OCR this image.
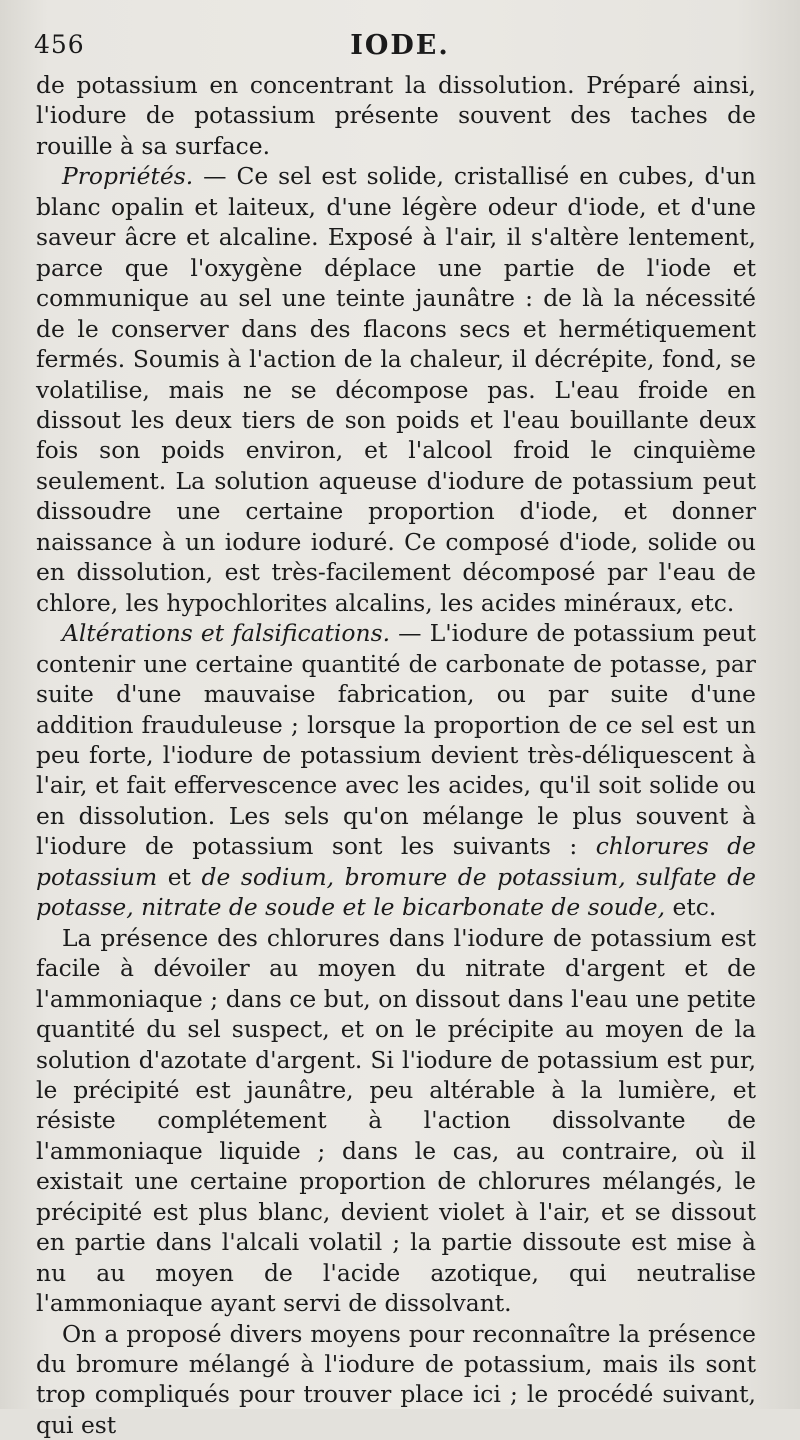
456	IODE.

de potassium en concentrant la dissolution. Préparé ainsi, l'iodure de potassium présente souvent des taches de rouille à sa surface.

Propriétés. — Ce sel est solide, cristallisé en cubes, d'un blanc opalin et laiteux, d'une légère odeur d'iode, et d'une saveur âcre et alcaline. Exposé à l'air, il s'altère lentement, parce que l'oxygène déplace une partie de l'iode et communique au sel une teinte jaunâtre : de là la nécessité de le conserver dans des flacons secs et hermétiquement fermés. Soumis à l'action de la chaleur, il décrépite, fond, se volatilise, mais ne se décompose pas. L'eau froide en dissout les deux tiers de son poids et l'eau bouillante deux fois son poids environ, et l'alcool froid le cinquième seulement. La solution aqueuse d'iodure de potassium peut dissoudre une certaine proportion d'iode, et donner naissance à un iodure ioduré. Ce composé d'iode, solide ou en dissolution, est très-facilement décomposé par l'eau de chlore, les hypochlorites alcalins, les acides minéraux, etc.

Altérations et falsifications. — L'iodure de potassium peut contenir une certaine quantité de carbonate de potasse, par suite d'une mauvaise fabrication, ou par suite d'une addition frauduleuse ; lorsque la proportion de ce sel est un peu forte, l'iodure de potassium devient très-déliquescent à l'air, et fait effervescence avec les acides, qu'il soit solide ou en dissolution. Les sels qu'on mélange le plus souvent à l'iodure de potassium sont les suivants : chlorures de potassium et de sodium, bromure de potassium, sulfate de potasse, nitrate de soude et le bicarbonate de soude, etc.

La présence des chlorures dans l'iodure de potassium est facile à dévoiler au moyen du nitrate d'argent et de l'ammoniaque ; dans ce but, on dissout dans l'eau une petite quantité du sel suspect, et on le précipite au moyen de la solution d'azotate d'argent. Si l'iodure de potassium est pur, le précipité est jaunâtre, peu altérable à la lumière, et résiste complétement à l'action dissolvante de l'ammoniaque liquide ; dans le cas, au contraire, où il existait une certaine proportion de chlorures mélangés, le précipité est plus blanc, devient violet à l'air, et se dissout en partie dans l'alcali volatil ; la partie dissoute est mise à nu au moyen de l'acide azotique, qui neutralise l'ammoniaque ayant servi de dissolvant.

On a proposé divers moyens pour reconnaître la présence du bromure mélangé à l'iodure de potassium, mais ils sont trop compliqués pour trouver place ici ; le procédé suivant, qui est
